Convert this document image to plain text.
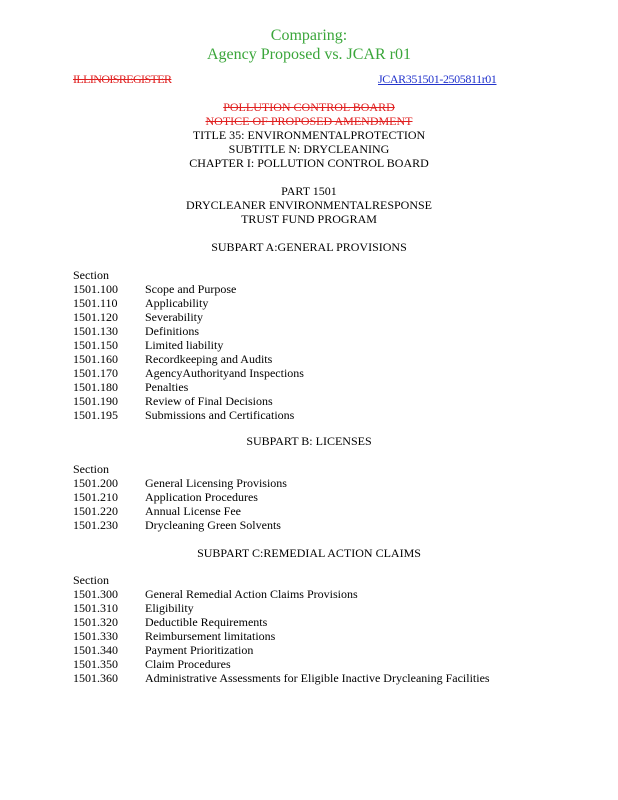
Comparing:
Agency Proposed vs. JCAR r01
ILLINOISREGISTER	JCAR351501-2505811r01
POLLUTION CONTROL BOARD
NOTICE OF PROPOSED AMENDMENT
TITLE 35: ENVIRONMENTALPROTECTION
SUBTITLE N: DRYCLEANING
CHAPTER I: POLLUTION CONTROL BOARD
PART 1501
DRYCLEANER ENVIRONMENTALRESPONSE
TRUST FUND PROGRAM
SUBPART A:GENERAL PROVISIONS
Section
1501.100 Scope and Purpose
1501.110 Applicability
1501.120 Severability
1501.130 Definitions
1501.150 Limited liability
1501.160 Recordkeeping and Audits
1501.170 AgencyAuthorityand Inspections
1501.180 Penalties
1501.190 Review of Final Decisions
1501.195 Submissions and Certifications
SUBPART B: LICENSES
Section
1501.200 General Licensing Provisions
1501.210 Application Procedures
1501.220 Annual License Fee
1501.230 Drycleaning Green Solvents
SUBPART C:REMEDIAL ACTION CLAIMS
Section
1501.300 General Remedial Action Claims Provisions
1501.310 Eligibility
1501.320 Deductible Requirements
1501.330 Reimbursement limitations
1501.340 Payment Prioritization
1501.350 Claim Procedures
1501.360 Administrative Assessments for Eligible Inactive Drycleaning Facilities
